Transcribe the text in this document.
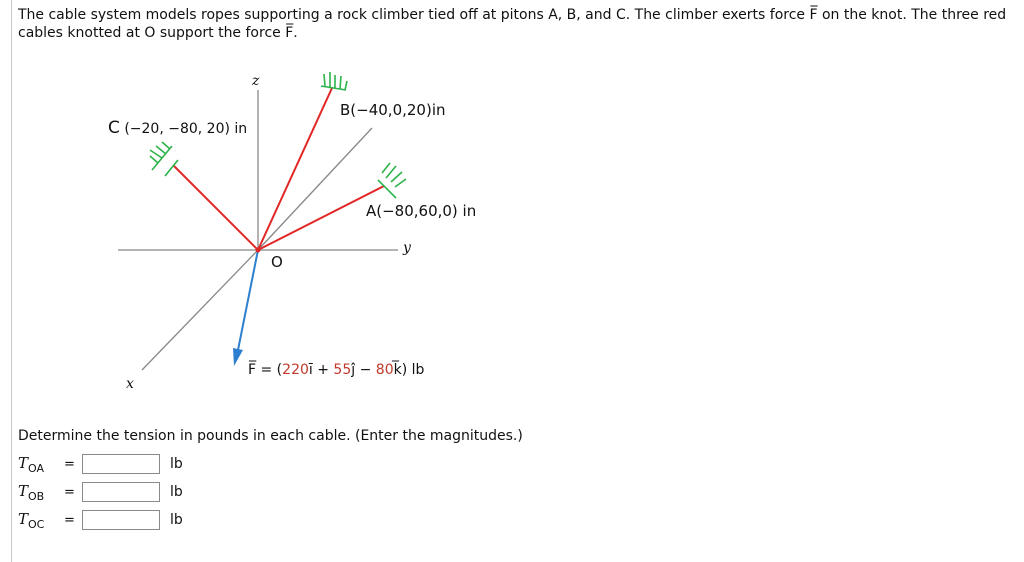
The cable system models ropes supporting a rock climber tied off at pitons A, B, and C. The climber exerts force F̅ on the knot. The three red cables knotted at O support the force F̅.

z
y
x
O
B(−40,0,20)in
A(−80,60,0) in
C (−20, −80, 20) in
F̅ = (220ī + 55ĵ − 80k̅) lb
Determine the tension in pounds in each cable. (Enter the magnitudes.)
$T_{OA}$	=	lb
$T_{OB}$	=	lb
$T_{OC}$	=	lb
